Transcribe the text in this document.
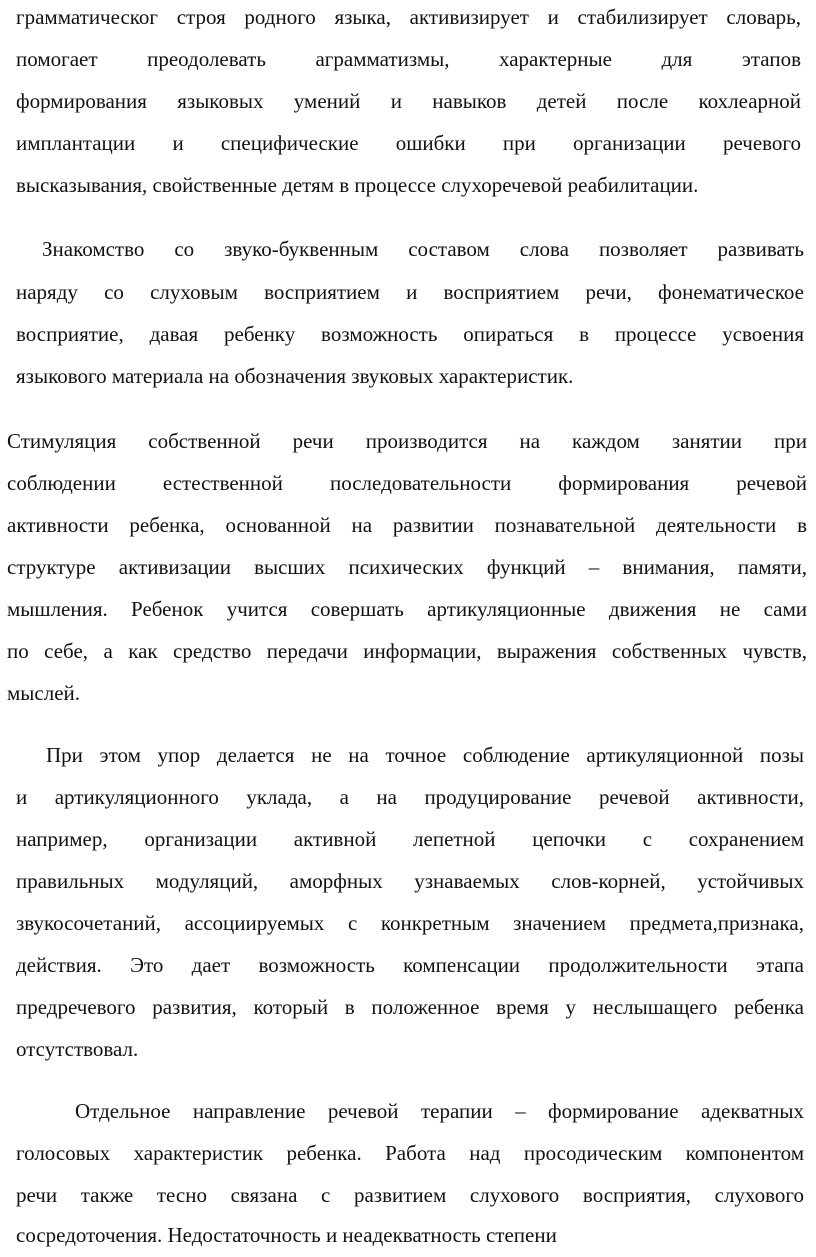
грамматическог строя родного языка, активизирует и стабилизирует словарь,

помогает преодолевать аграмматизмы, характерные для этапов

формирования языковых умений и навыков детей после кохлеарной

имплантации и специфические ошибки при организации речевого

высказывания, свойственные детям в процессе слухоречевой реабилитации.

Знакомство со звуко-буквенным составом слова позволяет развивать

наряду со слуховым восприятием и восприятием речи, фонематическое

восприятие, давая ребенку возможность опираться в процессе усвоения

языкового материала на обозначения звуковых характеристик.

Стимуляция собственной речи производится на каждом занятии при

соблюдении естественной последовательности формирования речевой

активности ребенка, основанной на развитии познавательной деятельности в

структуре активизации высших психических функций – внимания, памяти,

мышления. Ребенок учится совершать артикуляционные движения не сами

по себе, а как средство передачи информации, выражения собственных чувств,

мыслей.

При этом упор делается не на точное соблюдение артикуляционной позы

и артикуляционного уклада, а на продуцирование речевой активности,

например, организации активной лепетной цепочки с сохранением

правильных модуляций, аморфных узнаваемых слов-корней, устойчивых

звукосочетаний, ассоциируемых с конкретным значением предмета,признака,

действия. Это дает возможность компенсации продолжительности этапа

предречевого развития, который в положенное время у неслышащего ребенка

отсутствовал.

Отдельное направление речевой терапии – формирование адекватных

голосовых характеристик ребенка. Работа над просодическим компонентом

речи также тесно связана с развитием слухового восприятия, слухового

сосредоточения. Недостаточность и неадекватность степени
